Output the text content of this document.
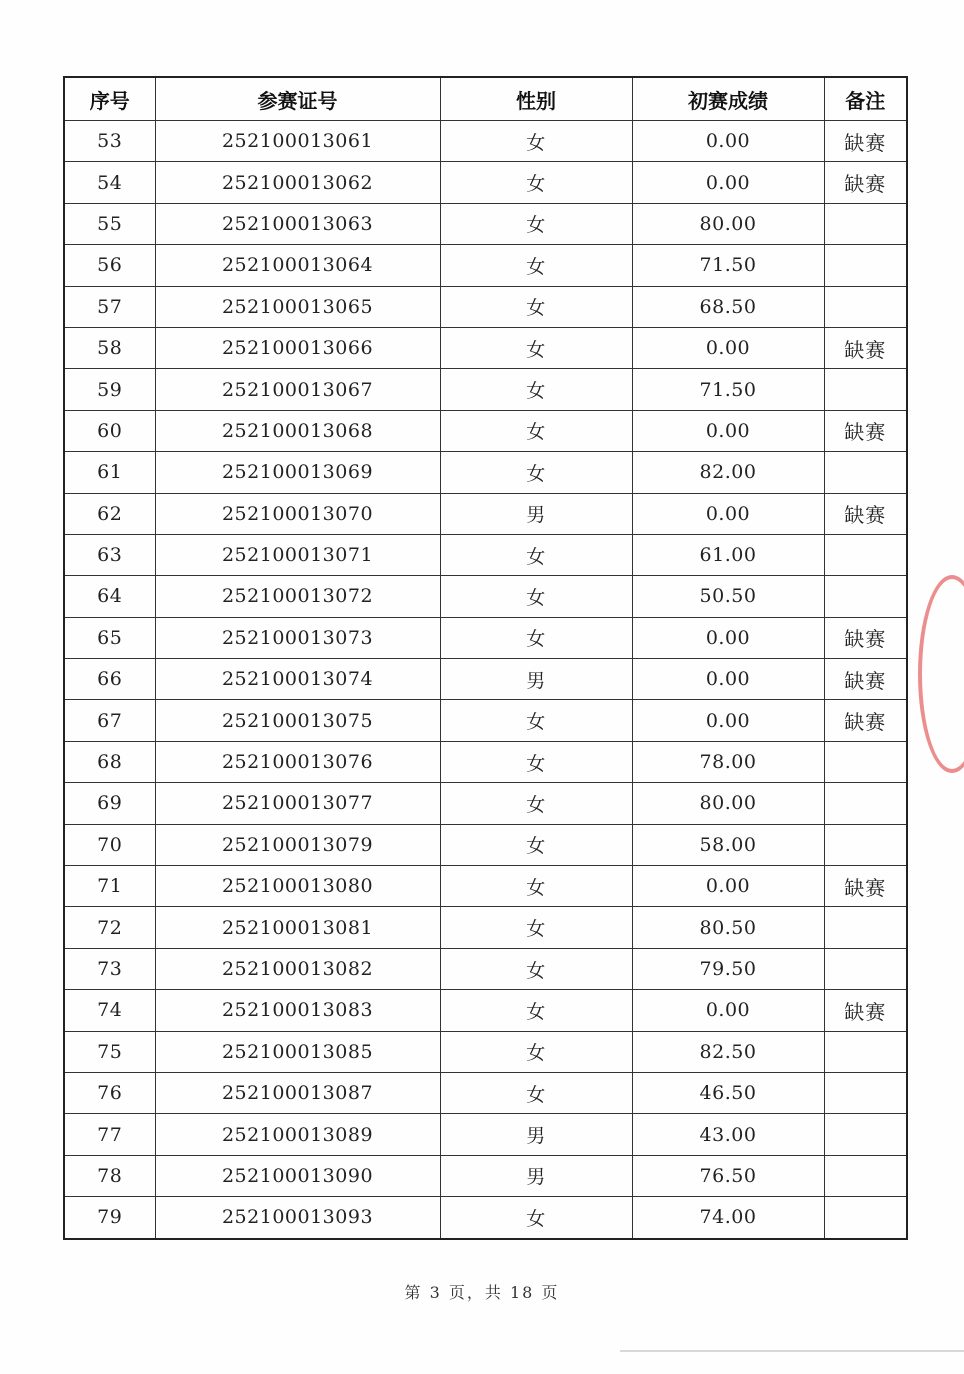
序号	参赛证号	性别	初赛成绩	备注
53	252100013061	女	0.00	缺赛
54	252100013062	女	0.00	缺赛
55	252100013063	女	80.00	
56	252100013064	女	71.50	
57	252100013065	女	68.50	
58	252100013066	女	0.00	缺赛
59	252100013067	女	71.50	
60	252100013068	女	0.00	缺赛
61	252100013069	女	82.00	
62	252100013070	男	0.00	缺赛
63	252100013071	女	61.00	
64	252100013072	女	50.50	
65	252100013073	女	0.00	缺赛
66	252100013074	男	0.00	缺赛
67	252100013075	女	0.00	缺赛
68	252100013076	女	78.00	
69	252100013077	女	80.00	
70	252100013079	女	58.00	
71	252100013080	女	0.00	缺赛
72	252100013081	女	80.50	
73	252100013082	女	79.50	
74	252100013083	女	0.00	缺赛
75	252100013085	女	82.50	
76	252100013087	女	46.50	
77	252100013089	男	43.00	
78	252100013090	男	76.50	
79	252100013093	女	74.00	
第 3 页，共 18 页
